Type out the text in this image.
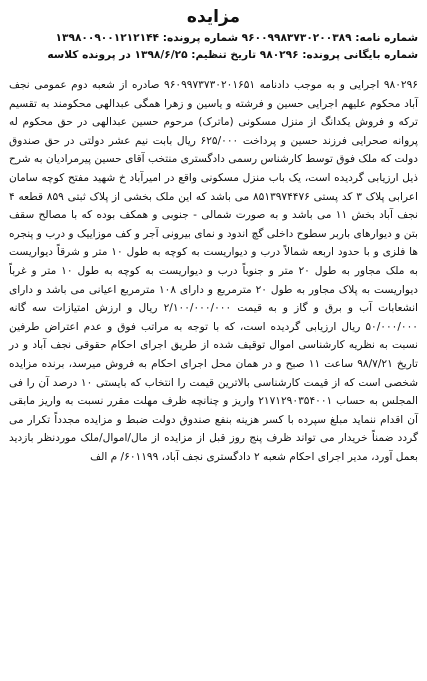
مزایده
شماره نامه: ۹۶۰۰۹۹۸۳۷۳۰۲۰۰۳۸۹ شماره پرونده: ۱۳۹۸۰۰۹۰۰۱۲۱۲۱۴۴
شماره بایگانی پرونده: ۹۸۰۲۹۶ تاریخ تنظیم: ۱۳۹۸/۶/۲۵ در پرونده کلاسه

۹۸۰۲۹۶ اجرایی و به موجب دادنامه ۹۶۰۹۹۷۳۷۳۰۲۰۱۶۵۱ صادره از شعبه دوم عمومی نجف آباد محکوم علیهم اجرایی حسین و فرشته و یاسین و زهرا همگی عبدالهی محکومند به تقسیم ترکه و فروش یکدانگ از منزل مسکونی (ماترک) مرحوم حسین عبدالهی در حق محکوم له پروانه صحرایی فرزند حسین و پرداخت ۶۲۵/۰۰۰ ریال بابت نیم عشر دولتی در حق صندوق دولت که ملک فوق توسط کارشناس رسمی دادگستری منتخب آقای حسین پیرمرادیان به شرح ذیل ارزیابی گردیده است، یک باب منزل مسکونی واقع در امیرآباد خ شهید مفتح کوچه سامان اعرابی پلاک ۳ کد پستی ۸۵۱۳۹۷۴۴۷۶ می باشد که این ملک بخشی از پلاک ثبتی ۸۵۹ قطعه ۴ نجف آباد بخش ۱۱ می باشد و به صورت شمالی - جنوبی و همکف بوده که با مصالح سقف بتن و دیوارهای باربر سطوح داخلی گچ اندود و نمای بیرونی آجر و کف موزاییک و درب و پنجره ها فلزی و با حدود اربعه شمالاً درب و دیواریست به کوچه به طول ۱۰ متر و شرقاً دیواریست به ملک مجاور به طول ۲۰ متر و جنوباً درب و دیواریست به کوچه به طول ۱۰ متر و غرباً دیواریست به پلاک مجاور به طول ۲۰ مترمربع و دارای ۱۰۸ مترمربع اعیانی می باشد و دارای انشعابات آب و برق و گاز و به قیمت ۲/۱۰۰/۰۰۰/۰۰۰ ریال و ارزش امتیازات سه گانه ۵۰/۰۰۰/۰۰۰ ریال ارزیابی گردیده است، که با توجه به مراتب فوق و عدم اعتراض طرفین نسبت به نظریه کارشناسی اموال توقیف شده از طریق اجرای احکام حقوقی نجف آباد و در تاریخ ۹۸/۷/۲۱ ساعت ۱۱ صبح و در همان محل اجرای احکام به فروش میرسد، برنده مزایده شخصی است که از قیمت کارشناسی بالاترین قیمت را انتخاب که بایستی ۱۰ درصد آن را فی المجلس به حساب ۲۱۷۱۲۹۰۳۵۴۰۰۱ واریز و چنانچه ظرف مهلت مقرر نسبت به واریز مابقی آن اقدام ننماید مبلغ سپرده با کسر هزینه بنفع صندوق دولت ضبط و مزایده مجدداً تکرار می گردد ضمناً خریدار می تواند ظرف پنج روز قبل از مزایده از مال/اموال/ملک موردنظر بازدید بعمل آورد، مدیر اجرای احکام شعبه ۲ دادگستری نجف آباد، ۶۰۱۱۹۹/ م الف
